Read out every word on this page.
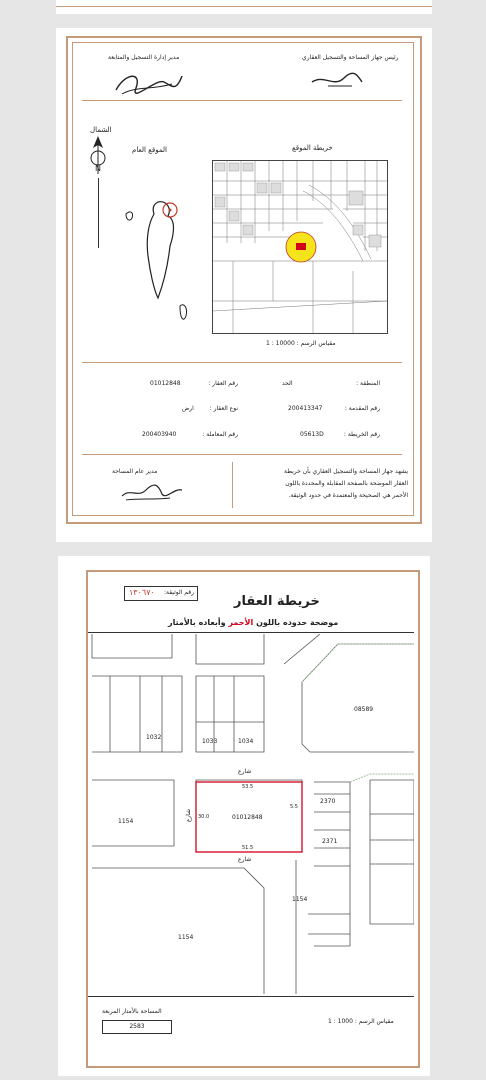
مدير إدارة التسجيل والمتابعة	رئيس جهاز المساحة والتسجيل العقاري
الشمال
الموقع العام
N
خريطة الموقع
مقياس الرسم : 10000 : 1
المنطقة :
الحد
رقم العقار :
01012848
رقم المقدمة :
200413347
نوع العقار :
ارض
رقم الخريطة :
05613D
رقم المعاملة :
200403940
مدير عام المساحة	يشهد جهاز المساحة والتسجيل العقاري بأن خريطة
العقار الموضحة بالصفحة المقابلة والمحددة باللون
الأحمر هي الصحيحة والمعتمدة في حدود الوثيقة.
رقم الوثيقة:
١٣٠٦٧٠
خريطة العقار
موضحة حدوده باللون الأحمر وأبعاده بالأمتار
08589
1032
1033	1034
1154
01012848
2370
2371
1154
1154
شارع
شارع
شارع
53.5
51.5
30.0
5.5
المساحة بالأمتار المربعة
2583
مقياس الرسم : 1000 : 1
